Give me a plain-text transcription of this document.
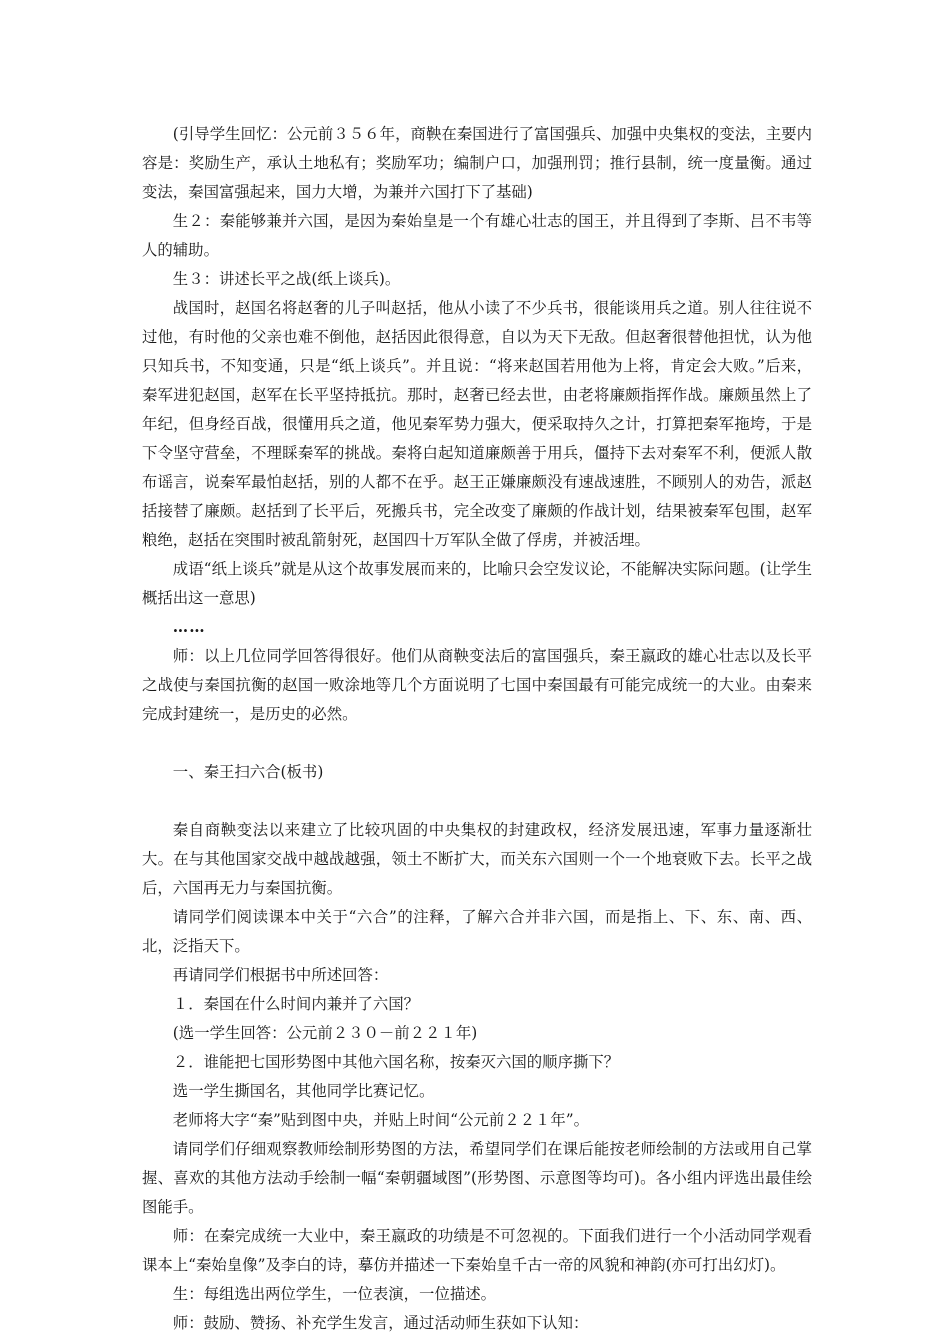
(引导学生回忆：公元前３５６年，商鞅在秦国进行了富国强兵、加强中央集权的变法，主要内容是：奖励生产，承认土地私有；奖励军功；编制户口，加强刑罚；推行县制，统一度量衡。通过变法，秦国富强起来，国力大增，为兼并六国打下了基础)

生２：秦能够兼并六国，是因为秦始皇是一个有雄心壮志的国王，并且得到了李斯、吕不韦等人的辅助。

生３：讲述长平之战(纸上谈兵)。

战国时，赵国名将赵奢的儿子叫赵括，他从小读了不少兵书，很能谈用兵之道。别人往往说不过他，有时他的父亲也难不倒他，赵括因此很得意，自以为天下无敌。但赵奢很替他担忧，认为他只知兵书，不知变通，只是“纸上谈兵”。并且说：“将来赵国若用他为上将，肯定会大败。”后来，秦军进犯赵国，赵军在长平坚持抵抗。那时，赵奢已经去世，由老将廉颇指挥作战。廉颇虽然上了年纪，但身经百战，很懂用兵之道，他见秦军势力强大，便采取持久之计，打算把秦军拖垮，于是下令坚守营垒，不理睬秦军的挑战。秦将白起知道廉颇善于用兵，僵持下去对秦军不利，便派人散布谣言，说秦军最怕赵括，别的人都不在乎。赵王正嫌廉颇没有速战速胜，不顾别人的劝告，派赵括接替了廉颇。赵括到了长平后，死搬兵书，完全改变了廉颇的作战计划，结果被秦军包围，赵军粮绝，赵括在突围时被乱箭射死，赵国四十万军队全做了俘虏，并被活埋。

成语“纸上谈兵”就是从这个故事发展而来的，比喻只会空发议论，不能解决实际问题。(让学生概括出这一意思)

……

师：以上几位同学回答得很好。他们从商鞅变法后的富国强兵，秦王嬴政的雄心壮志以及长平之战使与秦国抗衡的赵国一败涂地等几个方面说明了七国中秦国最有可能完成统一的大业。由秦来完成封建统一，是历史的必然。

一、秦王扫六合(板书)

秦自商鞅变法以来建立了比较巩固的中央集权的封建政权，经济发展迅速，军事力量逐渐壮大。在与其他国家交战中越战越强，领土不断扩大，而关东六国则一个一个地衰败下去。长平之战后，六国再无力与秦国抗衡。

请同学们阅读课本中关于“六合”的注释，了解六合并非六国，而是指上、下、东、南、西、北，泛指天下。

再请同学们根据书中所述回答：

１．秦国在什么时间内兼并了六国？

(选一学生回答：公元前２３０－前２２１年)

２．谁能把七国形势图中其他六国名称，按秦灭六国的顺序撕下？

选一学生撕国名，其他同学比赛记忆。

老师将大字“秦”贴到图中央，并贴上时间“公元前２２１年”。

请同学们仔细观察教师绘制形势图的方法，希望同学们在课后能按老师绘制的方法或用自己掌握、喜欢的其他方法动手绘制一幅“秦朝疆域图”(形势图、示意图等均可)。各小组内评选出最佳绘图能手。

师：在秦完成统一大业中，秦王嬴政的功绩是不可忽视的。下面我们进行一个小活动同学观看课本上“秦始皇像”及李白的诗，摹仿并描述一下秦始皇千古一帝的风貌和神韵(亦可打出幻灯)。

生：每组选出两位学生，一位表演，一位描述。

师：鼓励、赞扬、补充学生发言，通过活动师生获如下认知：
